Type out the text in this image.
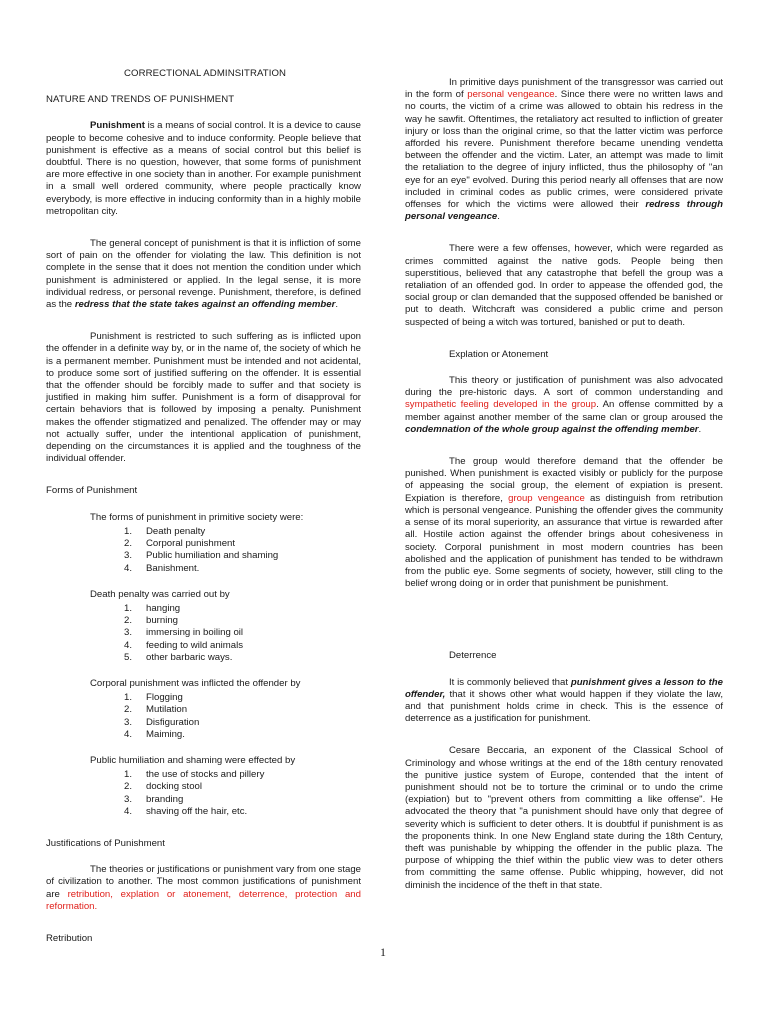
CORRECTIONAL ADMINSITRATION
NATURE AND TRENDS OF PUNISHMENT

Punishment is a means of social control. It is a device to cause people to become cohesive and to induce conformity. People believe that punishment is effective as a means of social control but this belief is doubtful. There is no question, however, that some forms of punishment are more effective in one society than in another. For example punishment in a small well ordered community, where people practically know everybody, is more effective in inducing conformity than in a highly mobile metropolitan city.

The general concept of punishment is that it is infliction of some sort of pain on the offender for violating the law. This definition is not complete in the sense that it does not mention the condition under which punishment is administered or applied. In the legal sense, it is more individual redress, or personal revenge. Punishment, therefore, is defined as the redress that the state takes against an offending member.

Punishment is restricted to such suffering as is inflicted upon the offender in a definite way by, or in the name of, the society of which he is a permanent member. Punishment must be intended and not acidental, to produce some sort of justified suffering on the offender. It is essential that the offender should be forcibly made to suffer and that society is justified in making him suffer. Punishment is a form of disapproval for certain behaviors that is followed by imposing a penalty. Punishment makes the offender stigmatized and penalized. The offender may or may not actually suffer, under the intentional application of punishment, depending on the circumstances it is applied and the toughness of the individual offender.

Forms of Punishment
The forms of punishment in primitive society were:
1.	Death penalty
2.	Corporal punishment
3.	Public humiliation and shaming
4.	Banishment.
Death penalty was carried out by
1.	hanging
2.	burning
3.	immersing in boiling oil
4.	feeding to wild animals
5.	other barbaric ways.
Corporal punishment was inflicted the offender by
1.	Flogging
2.	Mutilation
3.	Disfiguration
4.	Maiming.
Public humiliation and shaming were effected by
1.	the use of stocks and pillery
2.	docking stool
3.	branding
4.	shaving off the hair, etc.
Justifications of Punishment

The theories or justifications or punishment vary from one stage of civilization to another. The most common justifications of punishment are retribution, explation or atonement, deterrence, protection and reformation.

Retribution

In primitive days punishment of the transgressor was carried out in the form of personal vengeance. Since there were no written laws and no courts, the victim of a crime was allowed to obtain his redress in the way he sawfit. Oftentimes, the retaliatory act resulted to infliction of greater injury or loss than the original crime, so that the latter victim was perforce afforded his revere. Punishment therefore became unending vendetta between the offender and the victim. Later, an attempt was made to limit the retaliation to the degree of injury inflicted, thus the philosophy of "an eye for an eye" evolved. During this period nearly all offenses that are now included in criminal codes as public crimes, were considered private offenses for which the victims were allowed their redress through personal vengeance.

There were a few offenses, however, which were regarded as crimes committed against the native gods. People being then superstitious, believed that any catastrophe that befell the group was a retaliation of an offended god. In order to appease the offended god, the social group or clan demanded that the supposed offended be banished or put to death. Witchcraft was considered a public crime and person suspected of being a witch was tortured, banished or put to death.

Explation or Atonement

This theory or justification of punishment was also advocated during the pre-historic days. A sort of common understanding and sympathetic feeling developed in the group. An offense committed by a member against another member of the same clan or group aroused the condemnation of the whole group against the offending member.

The group would therefore demand that the offender be punished. When punishment is exacted visibly or publicly for the purpose of appeasing the social group, the element of expiation is present. Expiation is therefore, group vengeance as distinguish from retribution which is personal vengeance. Punishing the offender gives the community a sense of its moral superiority, an assurance that virtue is rewarded after all. Hostile action against the offender brings about cohesiveness in society. Corporal punishment in most modern countries has been abolished and the application of punishment has tended to be withdrawn from the public eye. Some segments of society, however, still cling to the belief wrong doing or in order that punishment be punishment.

Deterrence

It is commonly believed that punishment gives a lesson to the offender, that it shows other what would happen if they violate the law, and that punishment holds crime in check. This is the essence of deterrence as a justification for punishment.

Cesare Beccaria, an exponent of the Classical School of Criminology and whose writings at the end of the 18th century renovated the punitive justice system of Europe, contended that the intent of punishment should not be to torture the criminal or to undo the crime (expiation) but to "prevent others from committing a like offense". He advocated the theory that "a punishment should have only that degree of severity which is sufficient to deter others. It is doubtful if punishment is as the proponents think. In one New England state during the 18th Century, theft was punishable by whipping the offender in the public plaza. The purpose of whipping the thief within the public view was to deter others from committing the same offense. Public whipping, however, did not diminish the incidence of the theft in that state.

1
